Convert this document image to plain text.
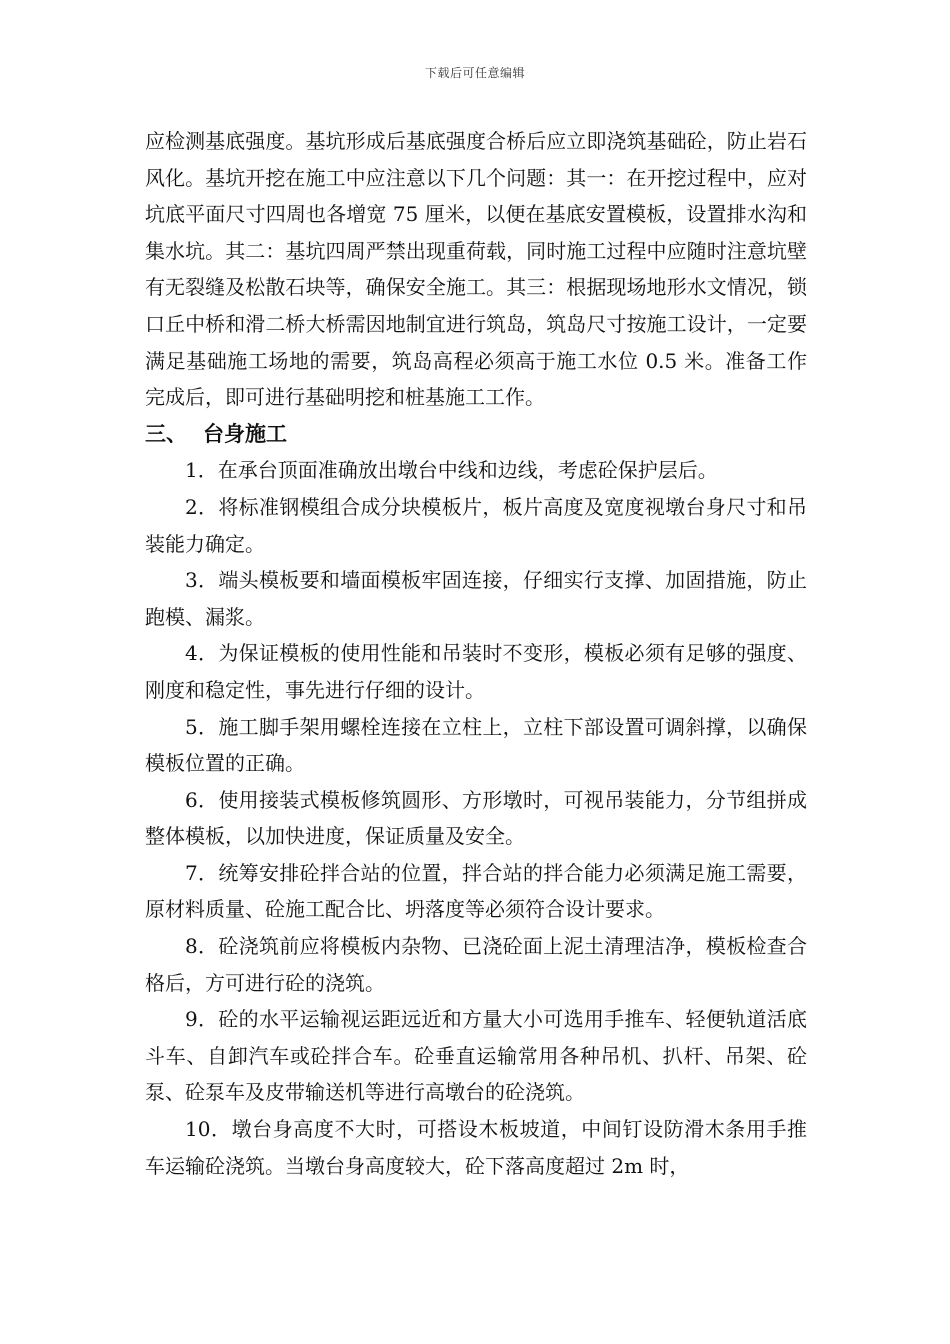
下载后可任意编辑

应检测基底强度。基坑形成后基底强度合桥后应立即浇筑基础砼，防止岩石风化。基坑开挖在施工中应注意以下几个问题：其一：在开挖过程中，应对坑底平面尺寸四周也各增宽 75 厘米，以便在基底安置模板，设置排水沟和集水坑。其二：基坑四周严禁出现重荷载，同时施工过程中应随时注意坑壁有无裂缝及松散石块等，确保安全施工。其三：根据现场地形水文情况，锁口丘中桥和滑二桥大桥需因地制宜进行筑岛，筑岛尺寸按施工设计，一定要满足基础施工场地的需要，筑岛高程必须高于施工水位 0.5 米。准备工作完成后，即可进行基础明挖和桩基施工工作。

三、 台身施工

1．在承台顶面准确放出墩台中线和边线，考虑砼保护层后。

2．将标准钢模组合成分块模板片，板片高度及宽度视墩台身尺寸和吊装能力确定。

3．端头模板要和墙面模板牢固连接，仔细实行支撑、加固措施，防止跑模、漏浆。

4．为保证模板的使用性能和吊装时不变形，模板必须有足够的强度、刚度和稳定性，事先进行仔细的设计。

5．施工脚手架用螺栓连接在立柱上，立柱下部设置可调斜撑，以确保模板位置的正确。

6．使用接装式模板修筑圆形、方形墩时，可视吊装能力，分节组拼成整体模板，以加快进度，保证质量及安全。

7．统筹安排砼拌合站的位置，拌合站的拌合能力必须满足施工需要，原材料质量、砼施工配合比、坍落度等必须符合设计要求。

8．砼浇筑前应将模板内杂物、已浇砼面上泥土清理洁净，模板检查合格后，方可进行砼的浇筑。

9．砼的水平运输视运距远近和方量大小可选用手推车、轻便轨道活底斗车、自卸汽车或砼拌合车。砼垂直运输常用各种吊机、扒杆、吊架、砼泵、砼泵车及皮带输送机等进行高墩台的砼浇筑。

10．墩台身高度不大时，可搭设木板坡道，中间钉设防滑木条用手推车运输砼浇筑。当墩台身高度较大，砼下落高度超过 2m 时，
